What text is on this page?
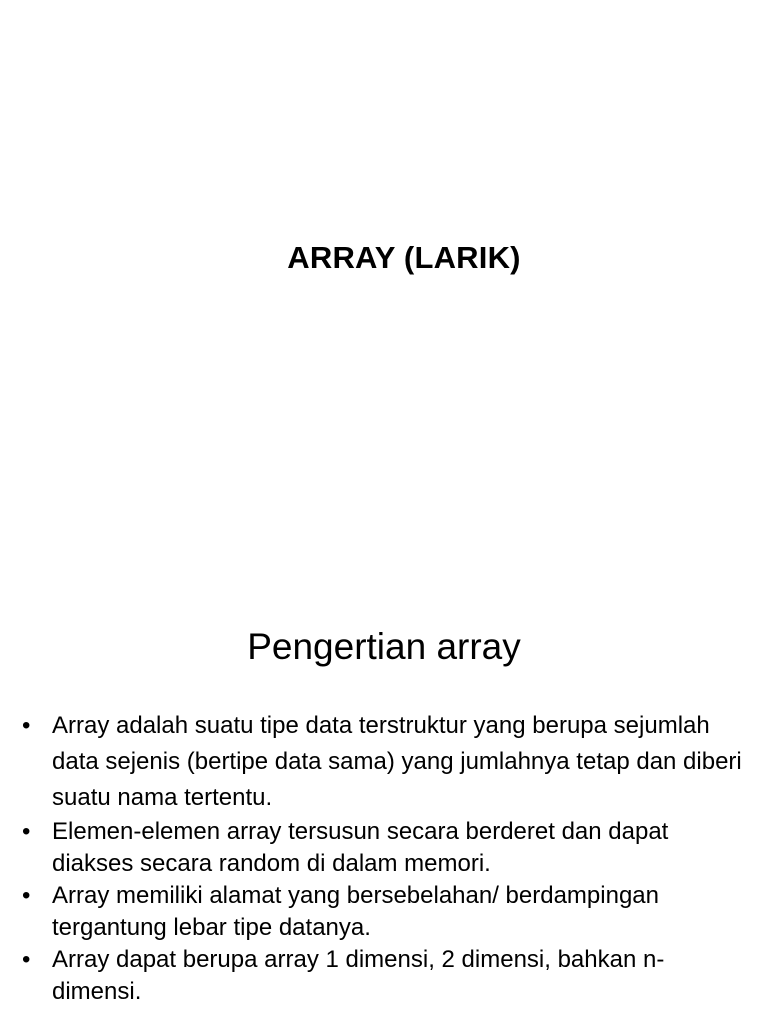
ARRAY (LARIK)
Pengertian array
• Array adalah suatu tipe data terstruktur yang berupa sejumlah data sejenis (bertipe data sama) yang jumlahnya tetap dan diberi suatu nama tertentu.
• Elemen-elemen array tersusun secara berderet dan dapat diakses secara random di dalam memori.
• Array memiliki alamat yang bersebelahan/ berdampingan tergantung lebar tipe datanya.
• Array dapat berupa array 1 dimensi, 2 dimensi, bahkan n-dimensi.
